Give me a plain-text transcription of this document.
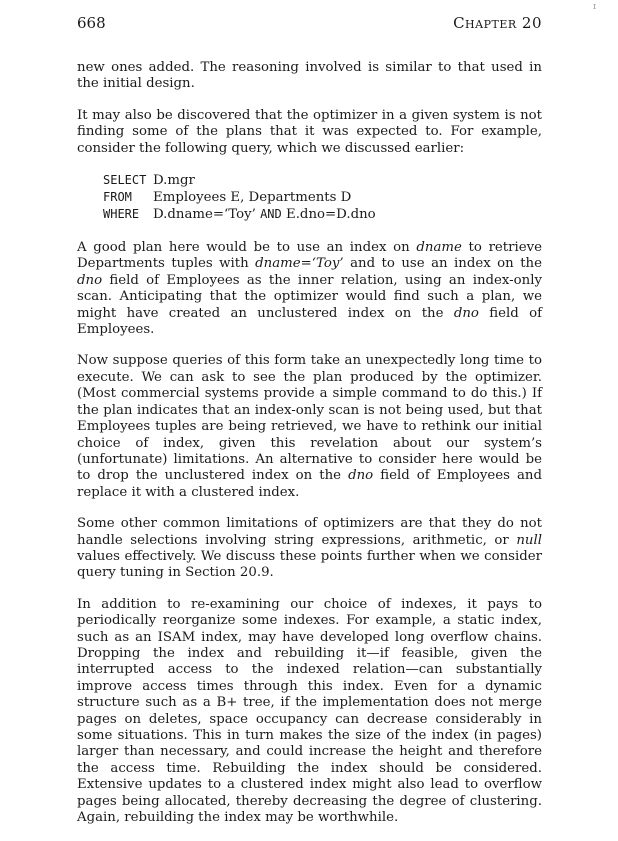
668	Chapter 20
ɪ

new ones added. The reasoning involved is similar to that used in the initial design.

It may also be discovered that the optimizer in a given system is not finding some of the plans that it was expected to. For example, consider the following query, which we discussed earlier:

SELECT D.mgr
FROM	Employees E, Departments D
WHERE	D.dname=‘Toy’ AND E.dno=D.dno

A good plan here would be to use an index on dname to retrieve Departments tuples with dname=‘Toy’ and to use an index on the dno field of Employees as the inner relation, using an index-only scan. Anticipating that the optimizer would find such a plan, we might have created an unclustered index on the dno field of Employees.

Now suppose queries of this form take an unexpectedly long time to execute. We can ask to see the plan produced by the optimizer. (Most commercial systems provide a simple command to do this.) If the plan indicates that an index-only scan is not being used, but that Employees tuples are being retrieved, we have to rethink our initial choice of index, given this revelation about our system’s (unfortunate) limitations. An alternative to consider here would be to drop the unclustered index on the dno field of Employees and replace it with a clustered index.

Some other common limitations of optimizers are that they do not handle selections involving string expressions, arithmetic, or null values effectively. We discuss these points further when we consider query tuning in Section 20.9.

In addition to re-examining our choice of indexes, it pays to periodically reorganize some indexes. For example, a static index, such as an ISAM index, may have developed long overflow chains. Dropping the index and rebuilding it—if feasible, given the interrupted access to the indexed relation—can substantially improve access times through this index. Even for a dynamic structure such as a B+ tree, if the implementation does not merge pages on deletes, space occupancy can decrease considerably in some situations. This in turn makes the size of the index (in pages) larger than necessary, and could increase the height and therefore the access time. Rebuilding the index should be considered. Extensive updates to a clustered index might also lead to overflow pages being allocated, thereby decreasing the degree of clustering. Again, rebuilding the index may be worthwhile.
